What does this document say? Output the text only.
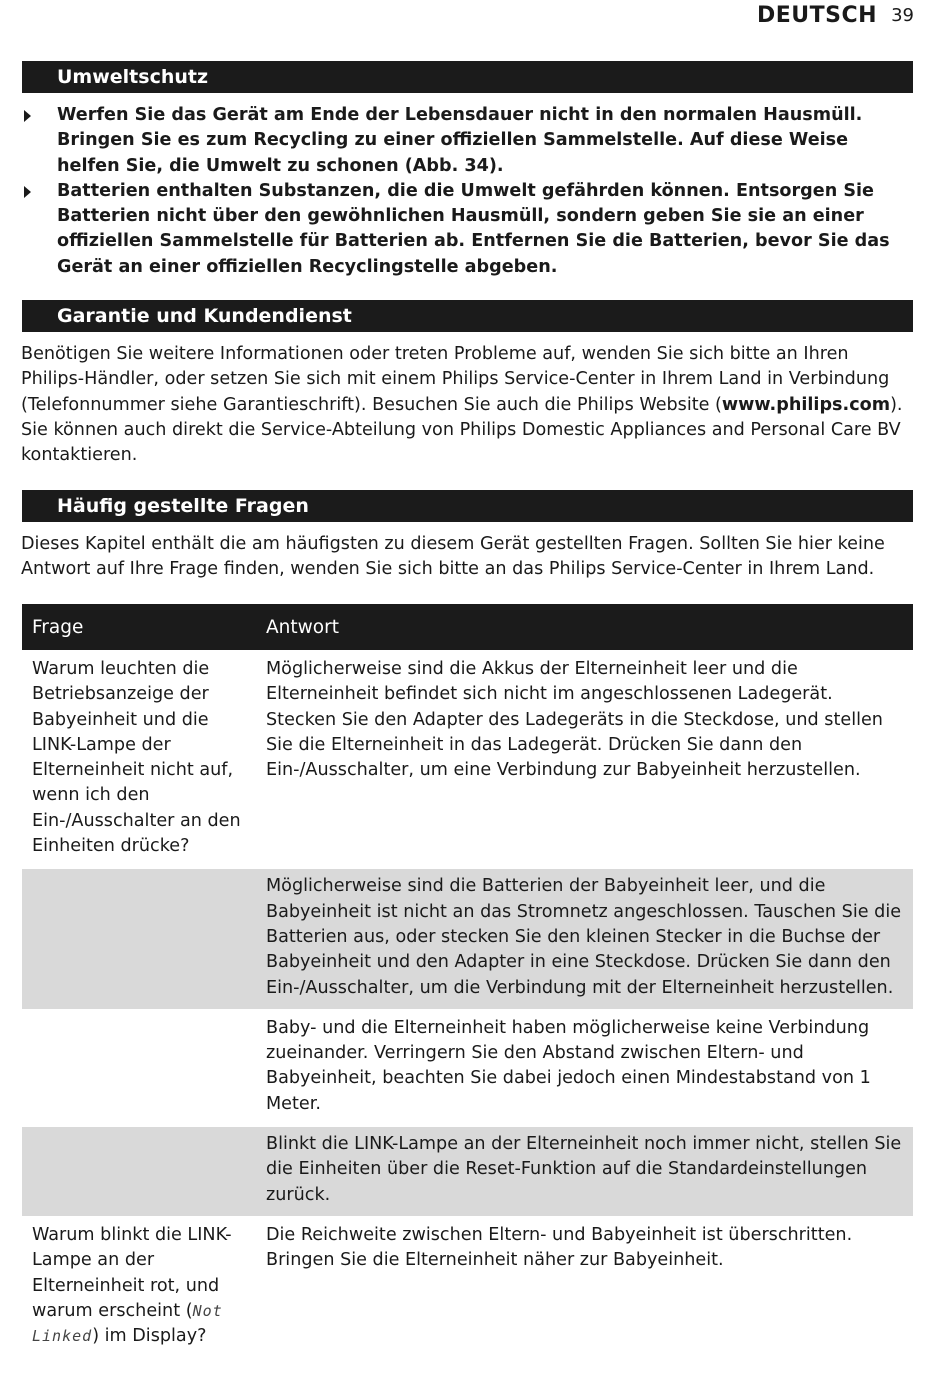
DEUTSCH 39
Umweltschutz
Werfen Sie das Gerät am Ende der Lebensdauer nicht in den normalen Hausmüll. Bringen Sie es zum Recycling zu einer offiziellen Sammelstelle. Auf diese Weise helfen Sie, die Umwelt zu schonen (Abb. 34).
Batterien enthalten Substanzen, die die Umwelt gefährden können. Entsorgen Sie Batterien nicht über den gewöhnlichen Hausmüll, sondern geben Sie sie an einer offiziellen Sammelstelle für Batterien ab. Entfernen Sie die Batterien, bevor Sie das Gerät an einer offiziellen Recyclingstelle abgeben.
Garantie und Kundendienst

Benötigen Sie weitere Informationen oder treten Probleme auf, wenden Sie sich bitte an Ihren Philips-Händler, oder setzen Sie sich mit einem Philips Service-Center in Ihrem Land in Verbindung (Telefonnummer siehe Garantieschrift). Besuchen Sie auch die Philips Website (www.philips.com). Sie können auch direkt die Service-Abteilung von Philips Domestic Appliances and Personal Care BV kontaktieren.

Häufig gestellte Fragen

Dieses Kapitel enthält die am häufigsten zu diesem Gerät gestellten Fragen. Sollten Sie hier keine Antwort auf Ihre Frage finden, wenden Sie sich bitte an das Philips Service-Center in Ihrem Land.

Frage	Antwort
Warum leuchten die Betriebsanzeige der Babyeinheit und die LINK-Lampe der Elterneinheit nicht auf, wenn ich den Ein-/Ausschalter an den Einheiten drücke?	Möglicherweise sind die Akkus der Elterneinheit leer und die Elterneinheit befindet sich nicht im angeschlossenen Ladegerät. Stecken Sie den Adapter des Ladegeräts in die Steckdose, und stellen Sie die Elterneinheit in das Ladegerät. Drücken Sie dann den Ein-/Ausschalter, um eine Verbindung zur Babyeinheit herzustellen.
	Möglicherweise sind die Batterien der Babyeinheit leer, und die Babyeinheit ist nicht an das Stromnetz angeschlossen. Tauschen Sie die Batterien aus, oder stecken Sie den kleinen Stecker in die Buchse der Babyeinheit und den Adapter in eine Steckdose. Drücken Sie dann den Ein-/Ausschalter, um die Verbindung mit der Elterneinheit herzustellen.
	Baby- und die Elterneinheit haben möglicherweise keine Verbindung zueinander. Verringern Sie den Abstand zwischen Eltern- und Babyeinheit, beachten Sie dabei jedoch einen Mindestabstand von 1 Meter.
	Blinkt die LINK-Lampe an der Elterneinheit noch immer nicht, stellen Sie die Einheiten über die Reset-Funktion auf die Standardeinstellungen zurück.
Warum blinkt die LINK-Lampe an der Elterneinheit rot, und warum erscheint (Not Linked) im Display?	Die Reichweite zwischen Eltern- und Babyeinheit ist überschritten. Bringen Sie die Elterneinheit näher zur Babyeinheit.
